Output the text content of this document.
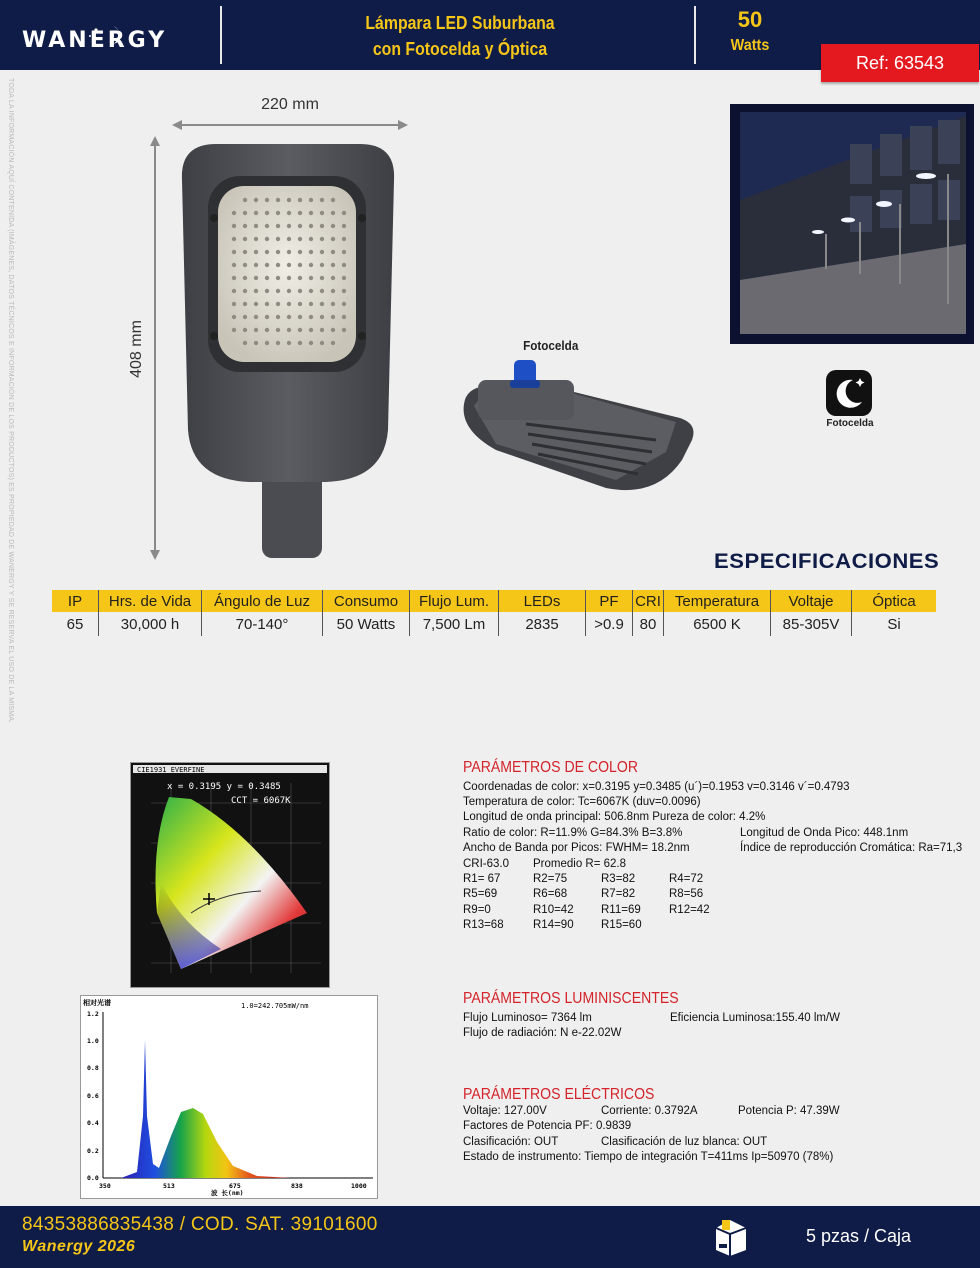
WANERGY
Lámpara LED Suburbana
con Fotocelda y Óptica
50
Watts
Ref: 63543
TODA LA INFORMACIÓN AQUÍ CONTENIDA (IMÁGENES, DATOS TÉCNICOS E INFORMACIÓN DE LOS PRODUCTOS) ES PROPIEDAD DE WANERGY Y SE RESERVA EL USO DE LA MISMA.	220 mm
408 mm	Fotocelda
Fotocelda
ESPECIFICACIONES
IP	Hrs. de Vida	Ángulo de Luz	Consumo	Flujo Lum.	LEDs	PF	CRI	Temperatura	Voltaje	Óptica
65	30,000 h	70-140°	50 Watts	7,500 Lm	2835	>0.9	80	6500 K	85-305V	Si
CIE1931 EVERFINE
x = 0.3195 y = 0.3485
CCT = 6067K
相对光谱	1.0=242.705mW/nm
1.2
1.0
0.8
0.6
0.4
0.2
0.0
350	513	675	838	1000
波 长(nm)
PARÁMETROS DE COLOR
Coordenadas de color: x=0.3195 y=0.3485 (u´)=0.1953 v=0.3146 v´=0.4793
Temperatura de color: Tc=6067K (duv=0.0096)
Longitud de onda principal: 506.8nm Pureza de color: 4.2%
Ratio de color: R=11.9% G=84.3% B=3.8%	Longitud de Onda Pico: 448.1nm
Ancho de Banda por Picos: FWHM= 18.2nm	Índice de reproducción Cromática: Ra=71,3
CRI-63.0 Promedio R= 62.8
R1= 67	R2=75	R3=82	R4=72
R5=69	R6=68	R7=82	R8=56
R9=0	R10=42 R11=69 R12=42
R13=68	R14=90 R15=60
PARÁMETROS LUMINISCENTES
Flujo Luminoso= 7364 lm	Eficiencia Luminosa:155.40 lm/W
Flujo de radiación: N e-22.02W
PARÁMETROS ELÉCTRICOS
Voltaje: 127.00V	Corriente: 0.3792A	Potencia P: 47.39W
Factores de Potencia PF: 0.9839
Clasificación: OUT	Clasificación de luz blanca: OUT
Estado de instrumento: Tiempo de integración T=411ms Ip=50970 (78%)
84353886835438 / COD. SAT. 39101600
Wanergy 2026
5 pzas / Caja
